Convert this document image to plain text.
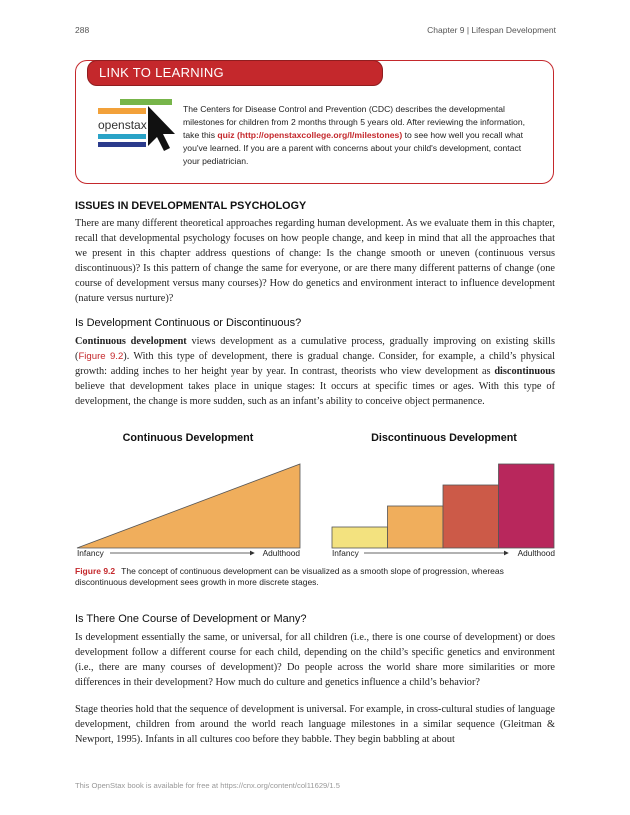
288	Chapter 9 | Lifespan Development
LINK TO LEARNING
openstax
The Centers for Disease Control and Prevention (CDC) describes the developmental milestones for children from 2 months through 5 years old. After reviewing the information, take this quiz (http://openstaxcollege.org/l/milestones) to see how well you recall what you've learned. If you are a parent with concerns about your child's development, contact your pediatrician.
ISSUES IN DEVELOPMENTAL PSYCHOLOGY

There are many different theoretical approaches regarding human development. As we evaluate them in this chapter, recall that developmental psychology focuses on how people change, and keep in mind that all the approaches that we present in this chapter address questions of change: Is the change smooth or uneven (continuous versus discontinuous)? Is this pattern of change the same for everyone, or are there many different patterns of change (one course of development versus many courses)? How do genetics and environment interact to influence development (nature versus nurture)?

Is Development Continuous or Discontinuous?

Continuous development views development as a cumulative process, gradually improving on existing skills (Figure 9.2). With this type of development, there is gradual change. Consider, for example, a child’s physical growth: adding inches to her height year by year. In contrast, theorists who view development as discontinuous believe that development takes place in unique stages: It occurs at specific times or ages. With this type of development, the change is more sudden, such as an infant’s ability to conceive object permanence.

Continuous Development	Discontinuous Development
Infancy	Adulthood	Infancy	Adulthood
Figure 9.2 The concept of continuous development can be visualized as a smooth slope of progression, whereas discontinuous development sees growth in more discrete stages.
Is There One Course of Development or Many?

Is development essentially the same, or universal, for all children (i.e., there is one course of development) or does development follow a different course for each child, depending on the child’s specific genetics and environment (i.e., there are many courses of development)? Do people across the world share more similarities or more differences in their development? How much do culture and genetics influence a child’s behavior?

Stage theories hold that the sequence of development is universal. For example, in cross-cultural studies of language development, children from around the world reach language milestones in a similar sequence (Gleitman & Newport, 1995). Infants in all cultures coo before they babble. They begin babbling at about

This OpenStax book is available for free at https://cnx.org/content/col11629/1.5
